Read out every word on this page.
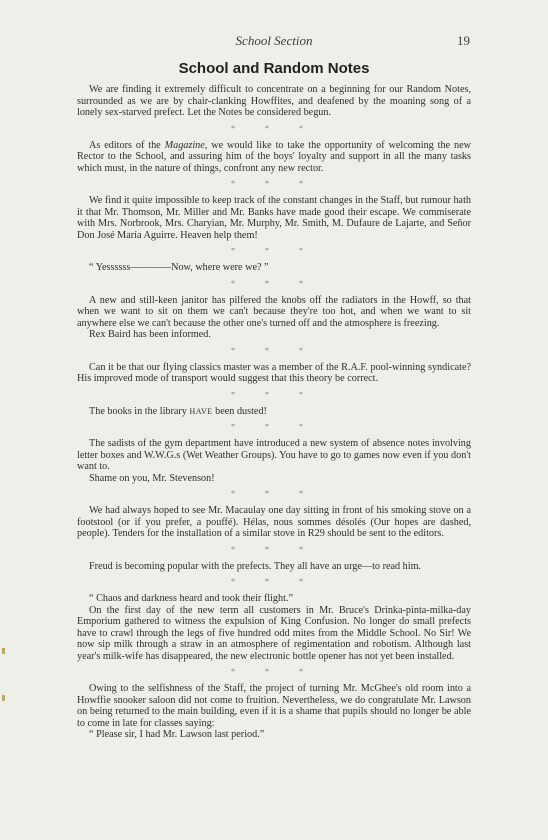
School Section	19
School and Random Notes

We are finding it extremely difficult to concentrate on a beginning for our Random Notes, surrounded as we are by chair-clanking Howffites, and deafened by the moaning song of a lonely sex-starved prefect. Let the Notes be considered begun.

* * *

As editors of the Magazine, we would like to take the opportunity of welcoming the new Rector to the School, and assuring him of the boys' loyalty and support in all the many tasks which must, in the nature of things, confront any new rector.

* * *

We find it quite impossible to keep track of the constant changes in the Staff, but rumour hath it that Mr. Thomson, Mr. Miller and Mr. Banks have made good their escape. We commiserate with Mrs. Norbrook, Mrs. Charyian, Mr. Murphy, Mr. Smith, M. Dufaure de Lajarte, and Señor Don José María Aguirre. Heaven help them!

* * *

“ Yessssss————Now, where were we? ”

* * *

A new and still-keen janitor has pilfered the knobs off the radiators in the Howff, so that when we want to sit on them we can't because they're too hot, and when we want to sit anywhere else we can't because the other one's turned off and the atmosphere is freezing.

Rex Baird has been informed.

* * *

Can it be that our flying classics master was a member of the R.A.F. pool-winning syndicate? His improved mode of transport would suggest that this theory be correct.

* * *

The books in the library HAVE been dusted!

* * *

The sadists of the gym department have introduced a new system of absence notes involving letter boxes and W.W.G.s (Wet Weather Groups). You have to go to games now even if you don't want to.

Shame on you, Mr. Stevenson!

* * *

We had always hoped to see Mr. Macaulay one day sitting in front of his smoking stove on a footstool (or if you prefer, a pouffé). Hélas, nous sommes désolés (Our hopes are dashed, people). Tenders for the installation of a similar stove in R29 should be sent to the editors.

* * *

Freud is becoming popular with the prefects. They all have an urge—to read him.

* * *

“ Chaos and darkness heard and took their flight.”

On the first day of the new term all customers in Mr. Bruce's Drinka-pinta-milka-day Emporium gathered to witness the expulsion of King Confusion. No longer do small prefects have to crawl through the legs of five hundred odd mites from the Middle School. No Sir! We now sip milk through a straw in an atmosphere of regimentation and robotism. Although last year's milk-wife has disappeared, the new electronic bottle opener has not yet been installed.

* * *

Owing to the selfishness of the Staff, the project of turning Mr. McGhee's old room into a Howffie snooker saloon did not come to fruition. Nevertheless, we do congratulate Mr. Lawson on being returned to the main building, even if it is a shame that pupils should no longer be able to come in late for classes saying:

“ Please sir, I had Mr. Lawson last period.”
